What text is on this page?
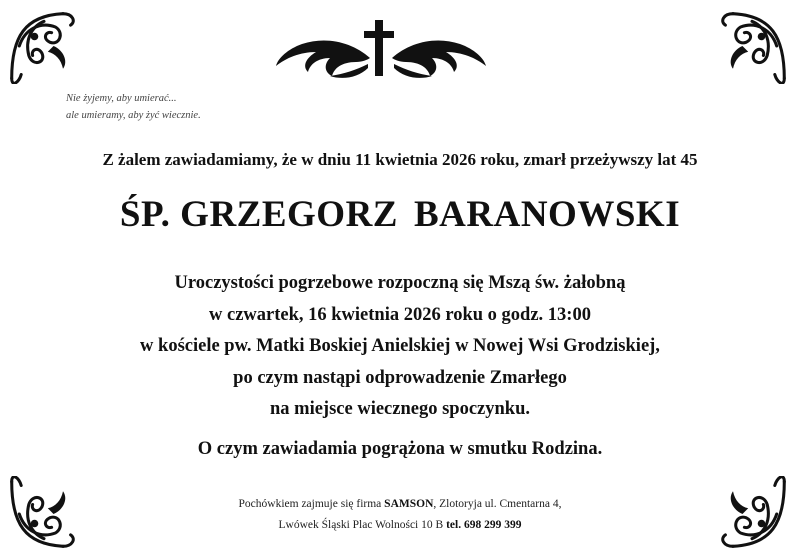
Nie żyjemy, aby umierać...

ale umieramy, aby żyć wiecznie.
Z żalem zawiadamiamy, że w dniu 11 kwietnia 2026 roku, zmarł przeżywszy lat 45
ŚP. GRZEGORZ BARANOWSKI
Uroczystości pogrzebowe rozpoczną się Mszą św. żałobną
w czwartek, 16 kwietnia 2026 roku o godz. 13:00
w kościele pw. Matki Boskiej Anielskiej w Nowej Wsi Grodziskiej,
po czym nastąpi odprowadzenie Zmarłego
na miejsce wiecznego spoczynku.
O czym zawiadamia pogrążona w smutku Rodzina.
Pochówkiem zajmuje się firma SAMSON, Zlotoryja ul. Cmentarna 4,
Lwówek Śląski Plac Wolności 10 B tel. 698 299 399
